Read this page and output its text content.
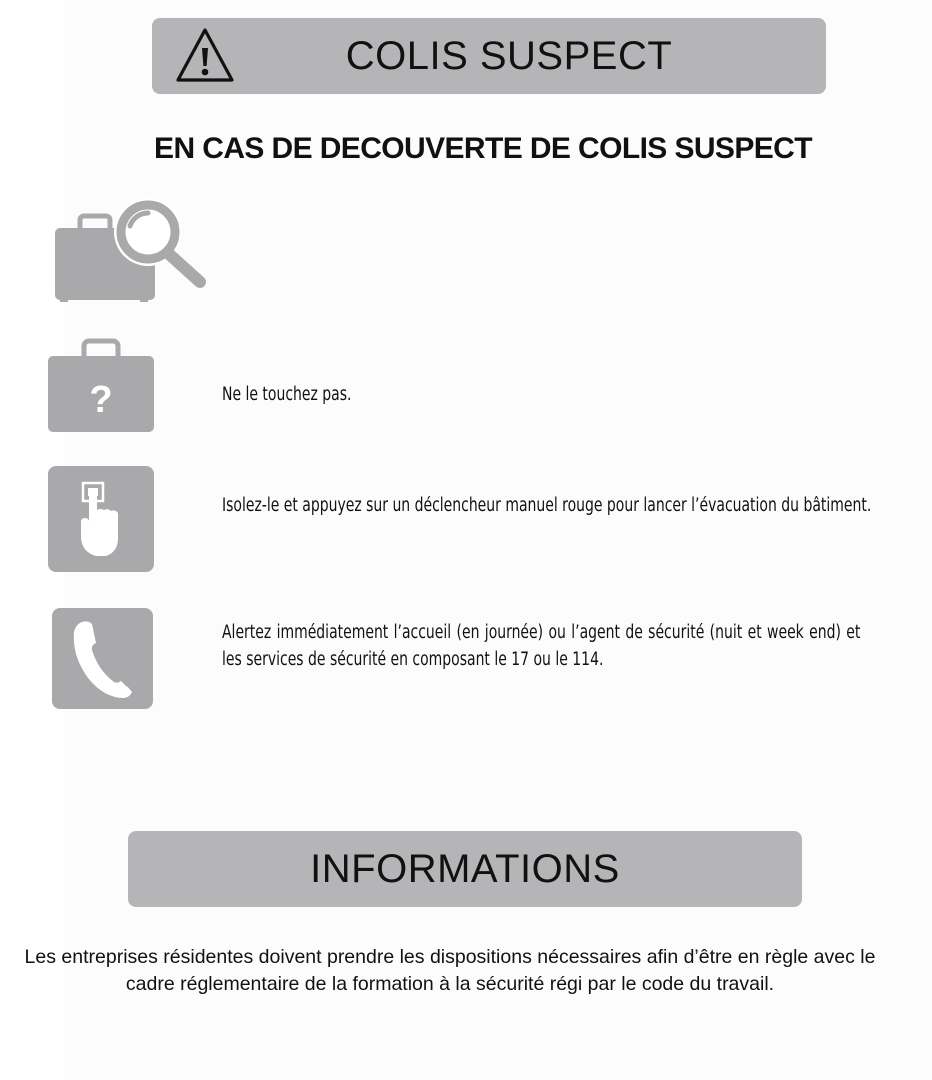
COLIS SUSPECT
EN CAS DE DECOUVERTE DE COLIS SUSPECT
?	Ne le touchez pas.
Isolez-le et appuyez sur un déclencheur manuel rouge pour lancer l’évacuation du bâtiment.
Alertez immédiatement l’accueil (en journée) ou l’agent de sécurité (nuit et week end) et les services de sécurité en composant le 17 ou le 114.
INFORMATIONS
Les entreprises résidentes doivent prendre les dispositions nécessaires afin d’être en règle avec le cadre réglementaire de la formation à la sécurité régi par le code du travail.
